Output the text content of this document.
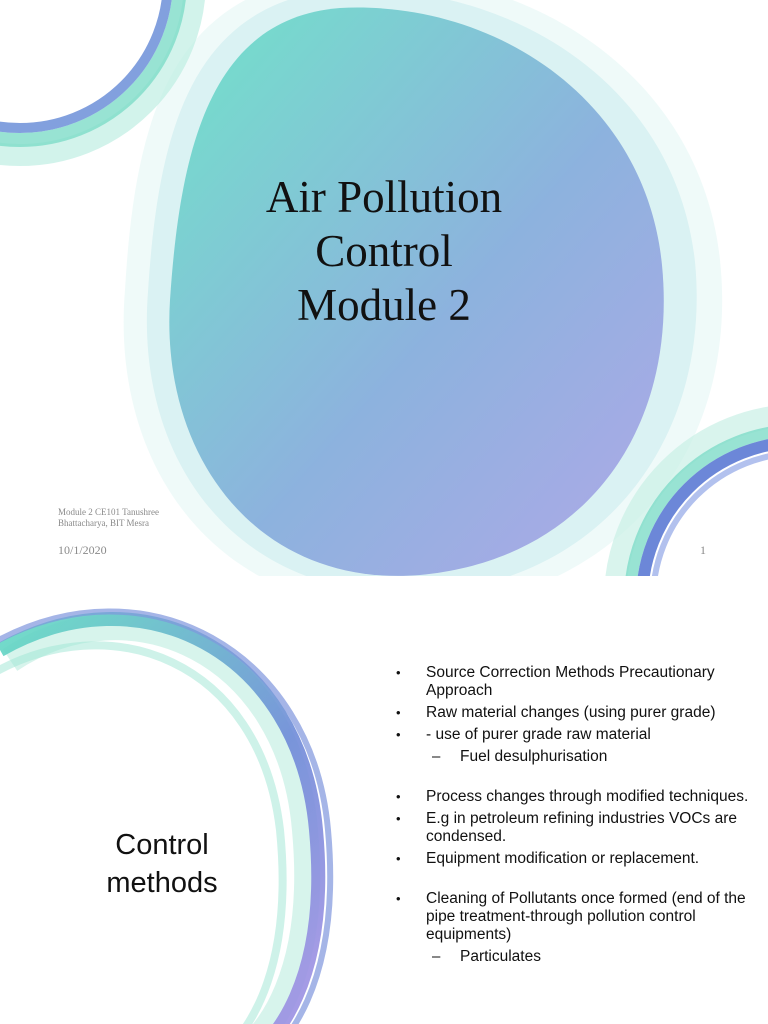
Air Pollution
Control
Module 2
Module 2 CE101 Tanushree
Bhattacharya, BIT Mesra
10/1/2020	1
Control
methods
• Source Correction Methods Precautionary Approach
• Raw material changes (using purer grade)
• - use of purer grade raw material
– Fuel desulphurisation
• Process changes through modified techniques.
• E.g in petroleum refining industries VOCs are condensed.
• Equipment modification or replacement.
• Cleaning of Pollutants once formed (end of the pipe treatment-through pollution control equipments)
– Particulates
